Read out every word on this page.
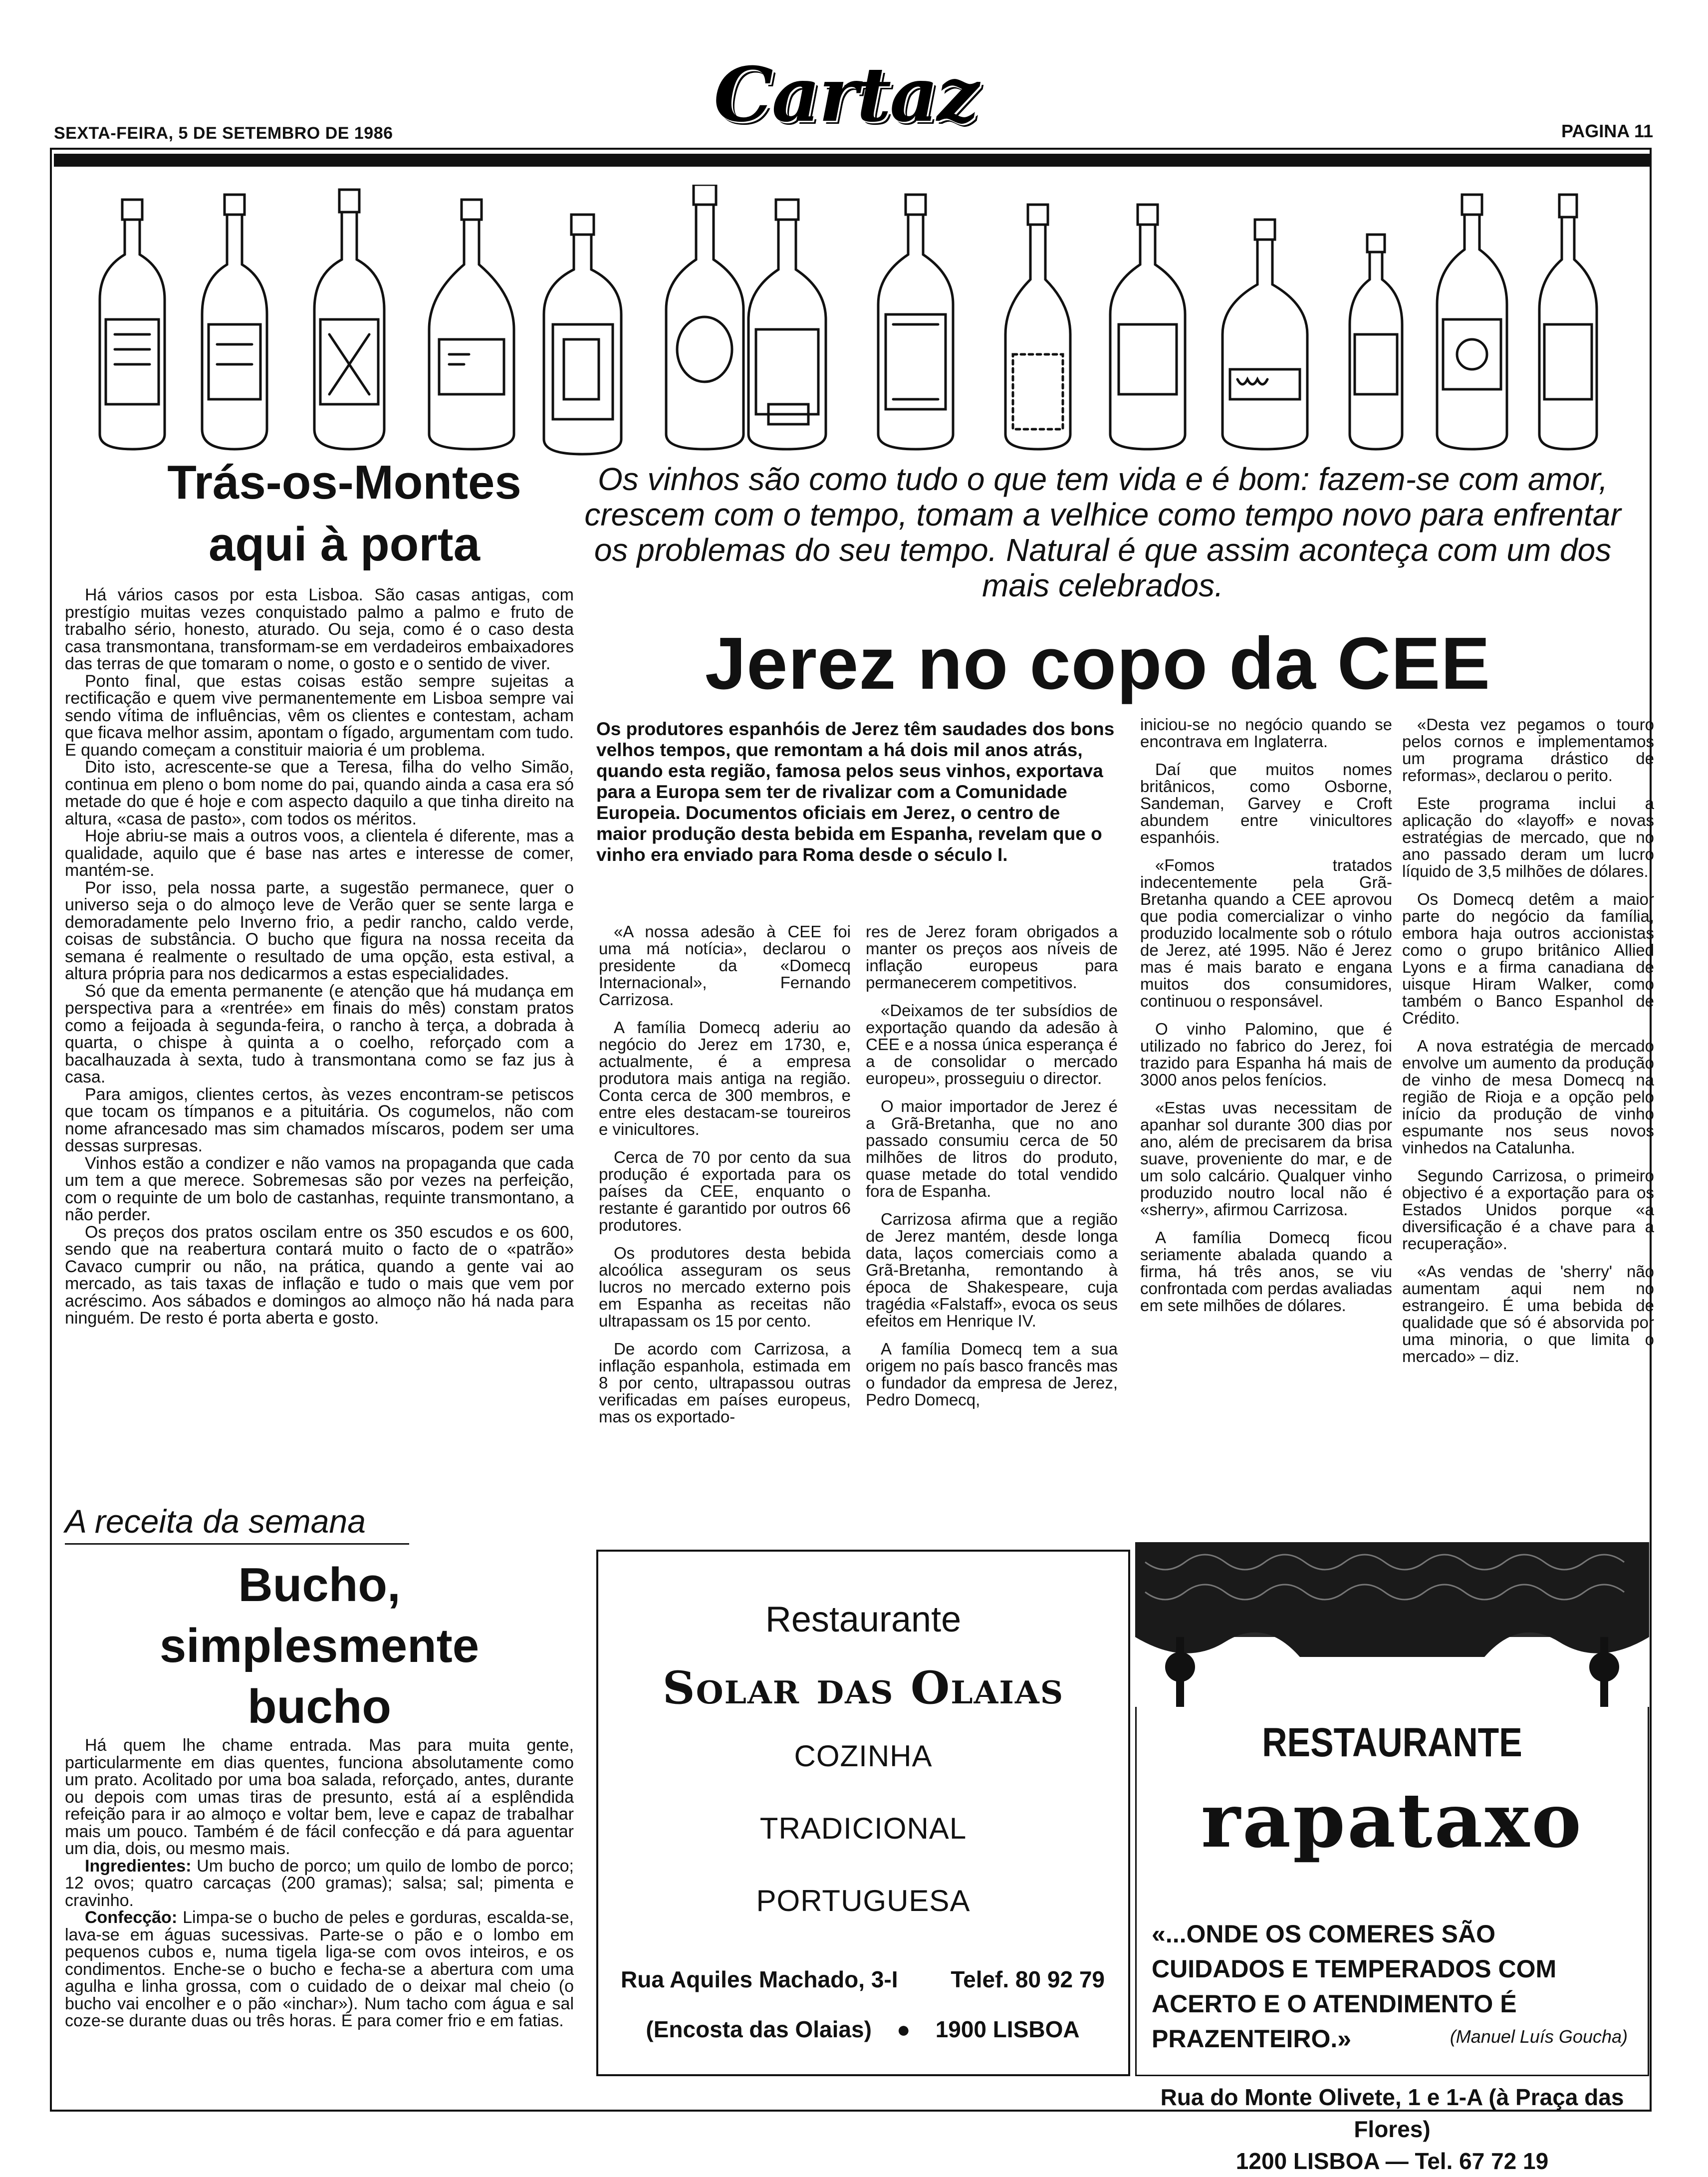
SEXTA-FEIRA, 5 DE SETEMBRO DE 1986	Cartaz	PAGINA 11
Trás-os-Montes
aqui à porta

Há vários casos por esta Lisboa. São casas antigas, com prestígio muitas vezes conquistado palmo a palmo e fruto de trabalho sério, honesto, aturado. Ou seja, como é o caso desta casa transmontana, transformam-se em verdadeiros embaixadores das terras de que tomaram o nome, o gosto e o sentido de viver.

Ponto final, que estas coisas estão sempre sujeitas a rectificação e quem vive permanentemente em Lisboa sempre vai sendo vítima de influências, vêm os clientes e contestam, acham que ficava melhor assim, apontam o fígado, argumentam com tudo. E quando começam a constituir maioria é um problema.

Dito isto, acrescente-se que a Teresa, filha do velho Simão, continua em pleno o bom nome do pai, quando ainda a casa era só metade do que é hoje e com aspecto daquilo a que tinha direito na altura, «casa de pasto», com todos os méritos.

Hoje abriu-se mais a outros voos, a clientela é diferente, mas a qualidade, aquilo que é base nas artes e interesse de comer, mantém-se.

Por isso, pela nossa parte, a sugestão permanece, quer o universo seja o do almoço leve de Verão quer se sente larga e demoradamente pelo Inverno frio, a pedir rancho, caldo verde, coisas de substância. O bucho que figura na nossa receita da semana é realmente o resultado de uma opção, esta estival, a altura própria para nos dedicarmos a estas especialidades.

Só que da ementa permanente (e atenção que há mudança em perspectiva para a «rentrée» em finais do mês) constam pratos como a feijoada à segunda-feira, o rancho à terça, a dobrada à quarta, o chispe à quinta a o coelho, reforçado com a bacalhauzada à sexta, tudo à transmontana como se faz jus à casa.

Para amigos, clientes certos, às vezes encontram-se petiscos que tocam os tímpanos e a pituitária. Os cogumelos, não com nome afrancesado mas sim chamados míscaros, podem ser uma dessas surpresas.

Vinhos estão a condizer e não vamos na propaganda que cada um tem a que merece. Sobremesas são por vezes na perfeição, com o requinte de um bolo de castanhas, requinte transmontano, a não perder.

Os preços dos pratos oscilam entre os 350 escudos e os 600, sendo que na reabertura contará muito o facto de o «patrão» Cavaco cumprir ou não, na prática, quando a gente vai ao mercado, as tais taxas de inflação e tudo o mais que vem por acréscimo. Aos sábados e domingos ao almoço não há nada para ninguém. De resto é porta aberta e gosto.

A receita da semana
Bucho,
simplesmente
bucho

Há quem lhe chame entrada. Mas para muita gente, particularmente em dias quentes, funciona absolutamente como um prato. Acolitado por uma boa salada, reforçado, antes, durante ou depois com umas tiras de presunto, está aí a esplêndida refeição para ir ao almoço e voltar bem, leve e capaz de trabalhar mais um pouco. Também é de fácil confecção e dá para aguentar um dia, dois, ou mesmo mais.

Ingredientes: Um bucho de porco; um quilo de lombo de porco; 12 ovos; quatro carcaças (200 gramas); salsa; sal; pimenta e cravinho.

Confecção: Limpa-se o bucho de peles e gorduras, escalda-se, lava-se em águas sucessivas. Parte-se o pão e o lombo em pequenos cubos e, numa tigela liga-se com ovos inteiros, e os condimentos. Enche-se o bucho e fecha-se a abertura com uma agulha e linha grossa, com o cuidado de o deixar mal cheio (o bucho vai encolher e o pão «inchar»). Num tacho com água e sal coze-se durante duas ou três horas. É para comer frio e em fatias.

Os vinhos são como tudo o que tem vida e é bom: fazem-se com amor, crescem com o tempo, tomam a velhice como tempo novo para enfrentar os problemas do seu tempo. Natural é que assim aconteça com um dos mais celebrados.
Jerez no copo da CEE
Os produtores espanhóis de Jerez têm saudades dos bons velhos tempos, que remontam a há dois mil anos atrás, quando esta região, famosa pelos seus vinhos, exportava para a Europa sem ter de rivalizar com a Comunidade Europeia. Documentos oficiais em Jerez, o centro de maior produção desta bebida em Espanha, revelam que o vinho era enviado para Roma desde o século I.

«A nossa adesão à CEE foi uma má notícia», declarou o presidente da «Domecq Internacional», Fernando Carrizosa.

A família Domecq aderiu ao negócio do Jerez em 1730, e, actualmente, é a empresa produtora mais antiga na região. Conta cerca de 300 membros, e entre eles destacam-se toureiros e vinicultores.

Cerca de 70 por cento da sua produção é exportada para os países da CEE, enquanto o restante é garantido por outros 66 produtores.

Os produtores desta bebida alcoólica asseguram os seus lucros no mercado externo pois em Espanha as receitas não ultrapassam os 15 por cento.

De acordo com Carrizosa, a inflação espanhola, estimada em 8 por cento, ultrapassou outras verificadas em países europeus, mas os exportado-

res de Jerez foram obrigados a manter os preços aos níveis de inflação europeus para permanecerem competitivos.

«Deixamos de ter subsídios de exportação quando da adesão à CEE e a nossa única esperança é a de consolidar o mercado europeu», prosseguiu o director.

O maior importador de Jerez é a Grã-Bretanha, que no ano passado consumiu cerca de 50 milhões de litros do produto, quase metade do total vendido fora de Espanha.

Carrizosa afirma que a região de Jerez mantém, desde longa data, laços comerciais como a Grã-Bretanha, remontando à época de Shakespeare, cuja tragédia «Falstaff», evoca os seus efeitos em Henrique IV.

A família Domecq tem a sua origem no país basco francês mas o fundador da empresa de Jerez, Pedro Domecq,

iniciou-se no negócio quando se encontrava em Inglaterra.

Daí que muitos nomes britânicos, como Osborne, Sandeman, Garvey e Croft abundem entre vinicultores espanhóis.

«Fomos tratados indecentemente pela Grã-Bretanha quando a CEE aprovou que podia comercializar o vinho produzido localmente sob o rótulo de Jerez, até 1995. Não é Jerez mas é mais barato e engana muitos dos consumidores, continuou o responsável.

O vinho Palomino, que é utilizado no fabrico do Jerez, foi trazido para Espanha há mais de 3000 anos pelos fenícios.

«Estas uvas necessitam de apanhar sol durante 300 dias por ano, além de precisarem da brisa suave, proveniente do mar, e de um solo calcário. Qualquer vinho produzido noutro local não é «sherry», afirmou Carrizosa.

A família Domecq ficou seriamente abalada quando a firma, há três anos, se viu confrontada com perdas avaliadas em sete milhões de dólares.

«Desta vez pegamos o touro pelos cornos e implementamos um programa drástico de reformas», declarou o perito.

Este programa inclui a aplicação do «layoff» e novas estratégias de mercado, que no ano passado deram um lucro líquido de 3,5 milhões de dólares.

Os Domecq detêm a maior parte do negócio da família, embora haja outros accionistas como o grupo britânico Allied Lyons e a firma canadiana de uisque Hiram Walker, como também o Banco Espanhol de Crédito.

A nova estratégia de mercado envolve um aumento da produção de vinho de mesa Domecq na região de Rioja e a opção pelo início da produção de vinho espumante nos seus novos vinhedos na Catalunha.

Segundo Carrizosa, o primeiro objectivo é a exportação para os Estados Unidos porque «a diversificação é a chave para a recuperação».

«As vendas de 'sherry' não aumentam aqui nem no estrangeiro. É uma bebida de qualidade que só é absorvida por uma minoria, o que limita o mercado» – diz.

Restaurante
Solar das Olaias
COZINHA
TRADICIONAL
PORTUGUESA
Rua Aquiles Machado, 3-I Telef. 80 92 79
(Encosta das Olaias) ● 1900 LISBOA
RESTAURANTE
rapataxo
«...ONDE OS COMERES SÃO CUIDADOS E TEMPERADOS COM ACERTO E O ATENDIMENTO É PRAZENTEIRO.»	(Manuel Luís Goucha)
Rua do Monte Olivete, 1 e 1-A (à Praça das Flores)
1200 LISBOA — Tel. 67 72 19
